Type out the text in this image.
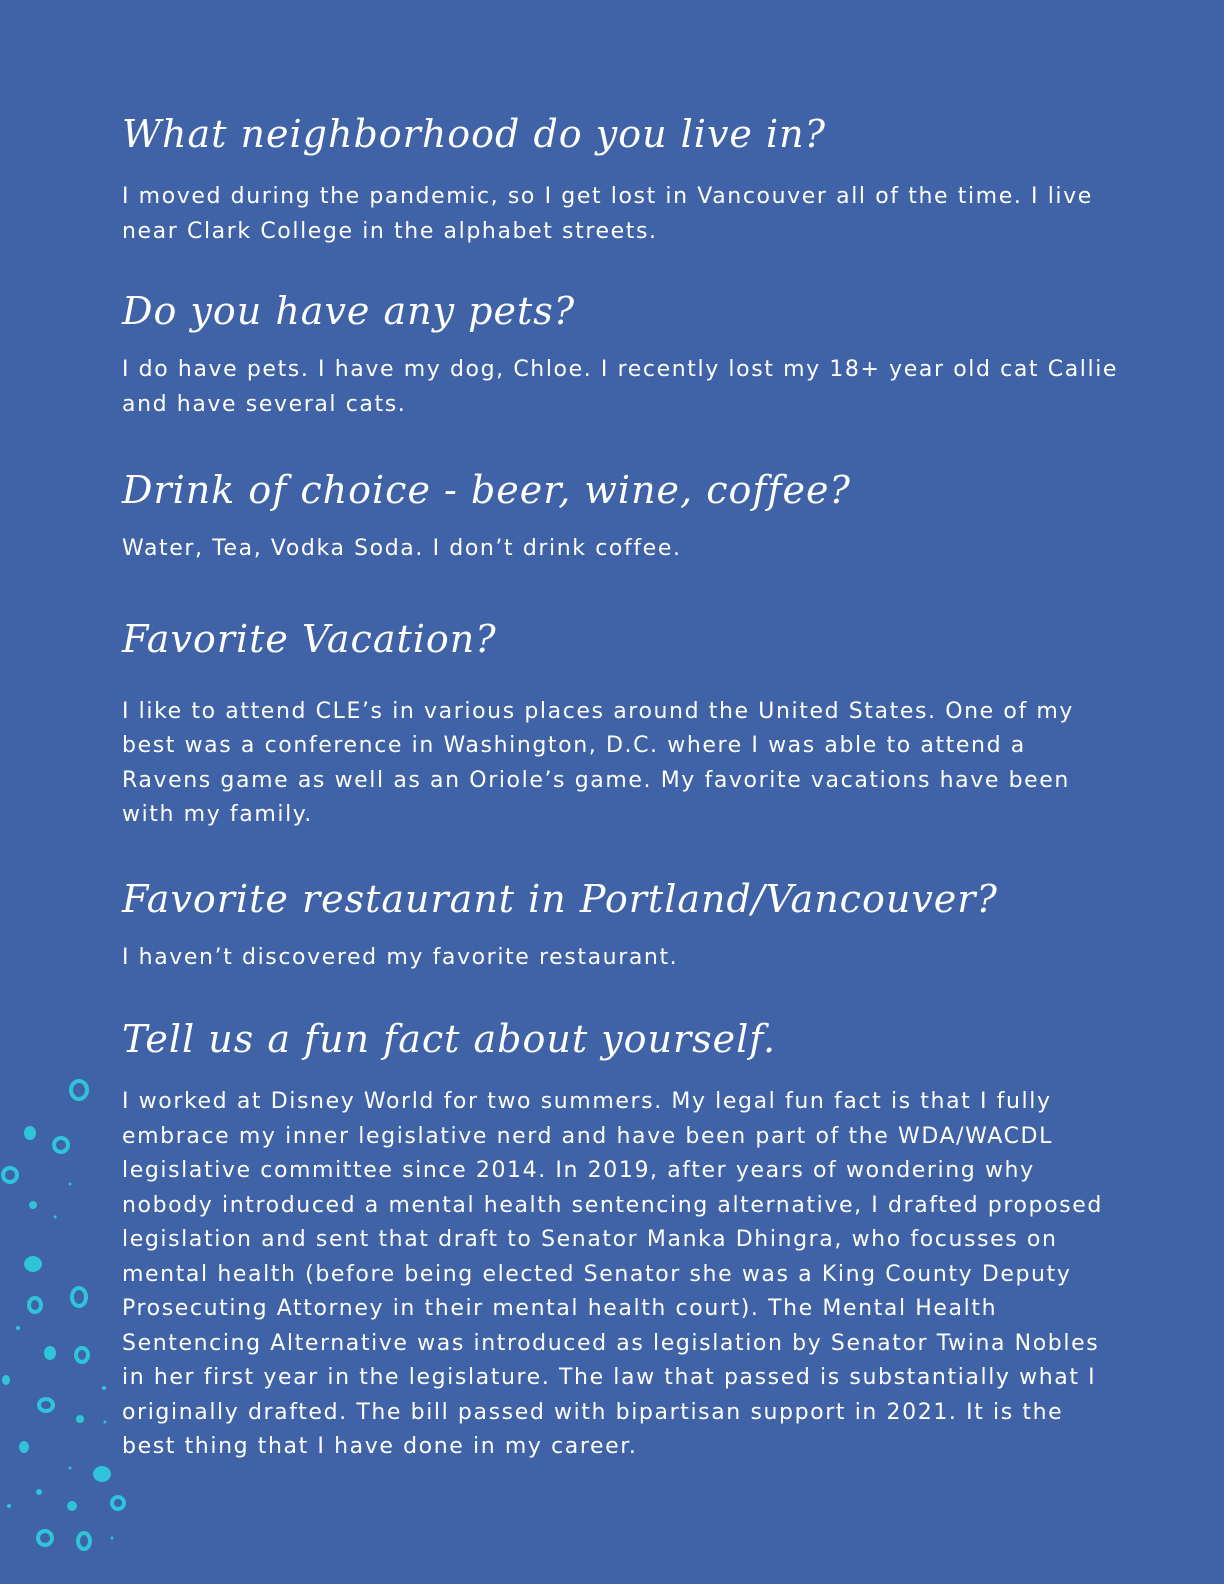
What neighborhood do you live in?

I moved during the pandemic, so I get lost in Vancouver all of the time. I live near Clark College in the alphabet streets.

Do you have any pets?

I do have pets. I have my dog, Chloe. I recently lost my 18+ year old cat Callie and have several cats.

Drink of choice - beer, wine, coffee?

Water, Tea, Vodka Soda. I don’t drink coffee.

Favorite Vacation?

I like to attend CLE’s in various places around the United States. One of my best was a conference in Washington, D.C. where I was able to attend a Ravens game as well as an Oriole’s game. My favorite vacations have been with my family.

Favorite restaurant in Portland/Vancouver?

I haven’t discovered my favorite restaurant.

Tell us a fun fact about yourself.

I worked at Disney World for two summers. My legal fun fact is that I fully embrace my inner legislative nerd and have been part of the WDA/WACDL legislative committee since 2014. In 2019, after years of wondering why nobody introduced a mental health sentencing alternative, I drafted proposed legislation and sent that draft to Senator Manka Dhingra, who focusses on mental health (before being elected Senator she was a King County Deputy Prosecuting Attorney in their mental health court). The Mental Health Sentencing Alternative was introduced as legislation by Senator Twina Nobles in her first year in the legislature. The law that passed is substantially what I originally drafted. The bill passed with bipartisan support in 2021. It is the best thing that I have done in my career.
